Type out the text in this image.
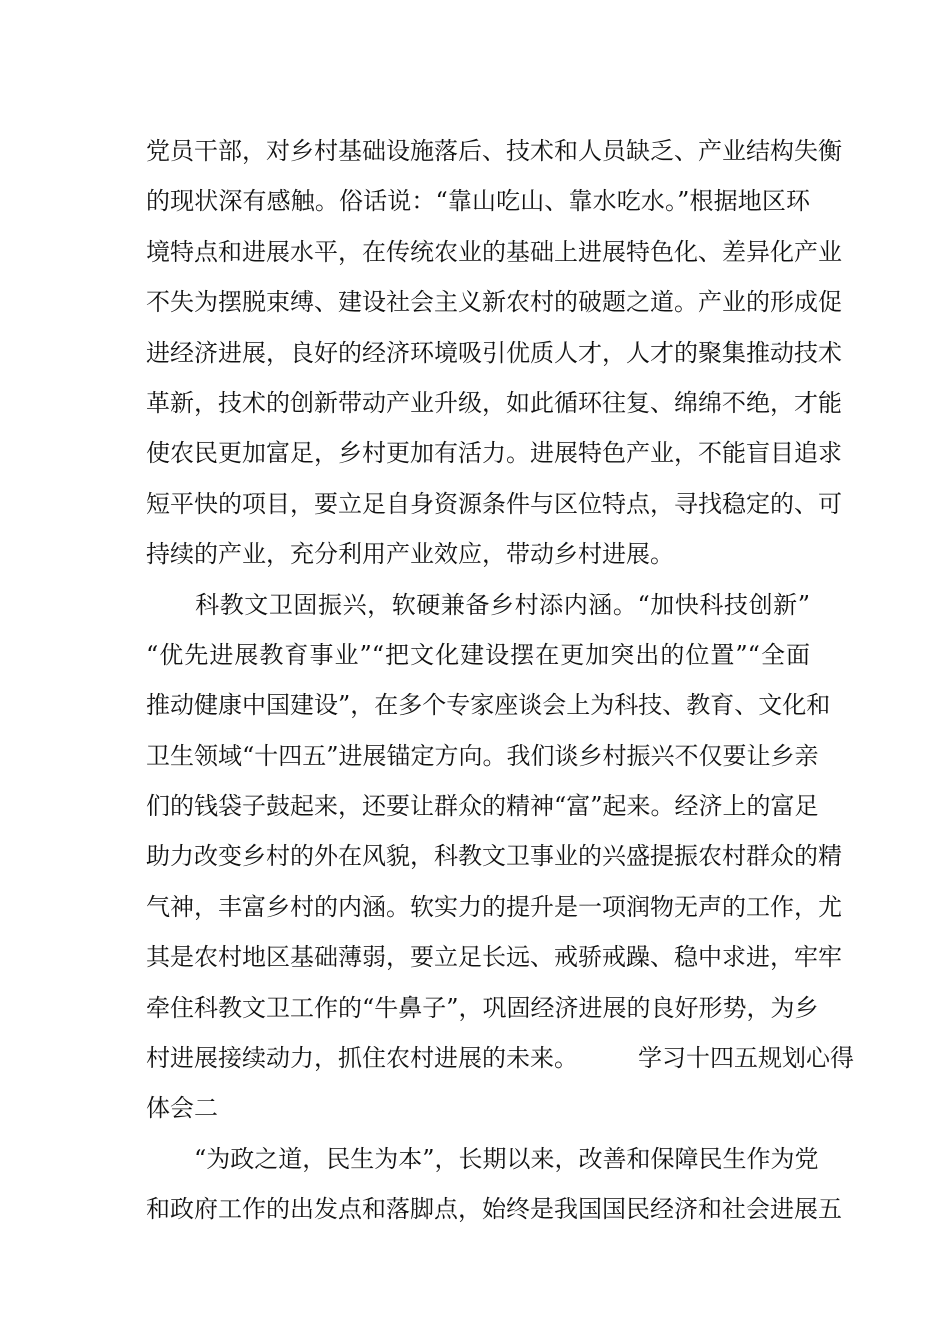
党员干部，对乡村基础设施落后、技术和人员缺乏、产业结构失衡
的现状深有感触。俗话说：“靠山吃山、靠水吃水。”根据地区环
境特点和进展水平，在传统农业的基础上进展特色化、差异化产业
不失为摆脱束缚、建设社会主义新农村的破题之道。产业的形成促
进经济进展，良好的经济环境吸引优质人才，人才的聚集推动技术
革新，技术的创新带动产业升级，如此循环往复、绵绵不绝，才能
使农民更加富足，乡村更加有活力。进展特色产业，不能盲目追求
短平快的项目，要立足自身资源条件与区位特点，寻找稳定的、可
持续的产业，充分利用产业效应，带动乡村进展。
　　科教文卫固振兴，软硬兼备乡村添内涵。“加快科技创新”
“优先进展教育事业”“把文化建设摆在更加突出的位置”“全面
推动健康中国建设”，在多个专家座谈会上为科技、教育、文化和
卫生领域“十四五”进展锚定方向。我们谈乡村振兴不仅要让乡亲
们的钱袋子鼓起来，还要让群众的精神“富”起来。经济上的富足
助力改变乡村的外在风貌，科教文卫事业的兴盛提振农村群众的精
气神，丰富乡村的内涵。软实力的提升是一项润物无声的工作，尤
其是农村地区基础薄弱，要立足长远、戒骄戒躁、稳中求进，牢牢
牵住科教文卫工作的“牛鼻子”，巩固经济进展的良好形势，为乡
村进展接续动力，抓住农村进展的未来。　　　学习十四五规划心得
体会二
　　“为政之道，民生为本”，长期以来，改善和保障民生作为党
和政府工作的出发点和落脚点，始终是我国国民经济和社会进展五
